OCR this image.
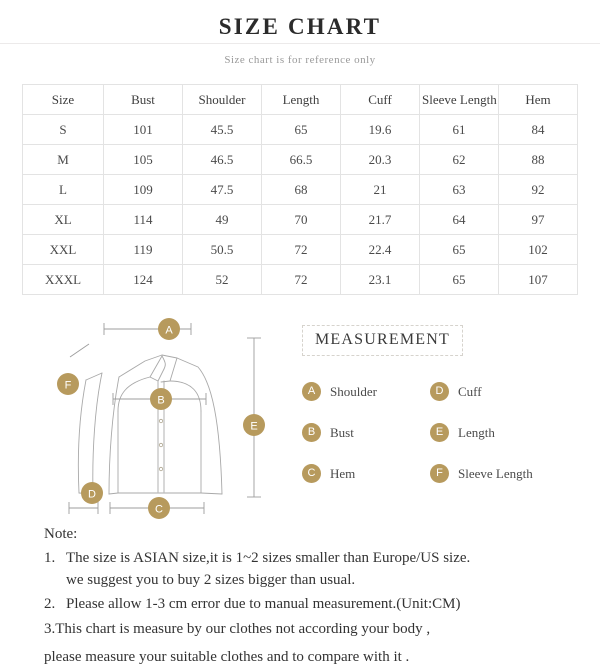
SIZE CHART
Size chart is for reference only
Size	Bust	Shoulder	Length	Cuff	Sleeve Length	Hem
S	101	45.5	65	19.6	61	84
M	105	46.5	66.5	20.3	62	88
L	109	47.5	68	21	63	92
XL	114	49	70	21.7	64	97
XXL	119	50.5	72	22.4	65	102
XXXL	124	52	72	23.1	65	107
A
B
C
D
E
F
MEASUREMENT
A	Shoulder	D	Cuff
B	Bust	E	Length
C	Hem	F	Sleeve Length
Note:
1. The size is ASIAN size,it is 1~2 sizes smaller than Europe/US size.
we suggest you to buy 2 sizes bigger than usual.
2. Please allow 1-3 cm error due to manual measurement.(Unit:CM)
3.This chart is measure by our clothes not according your body ,
please measure your suitable clothes and to compare with it .
